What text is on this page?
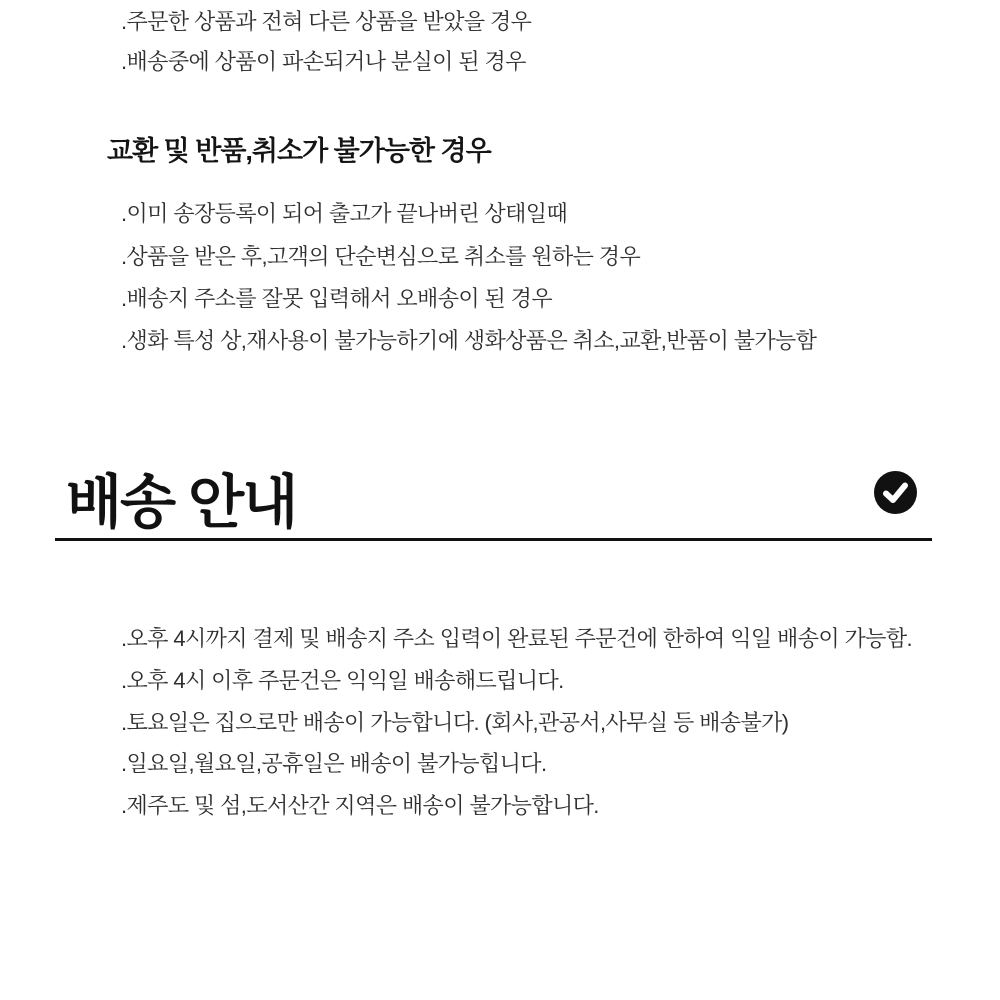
.주문한 상품과 전혀 다른 상품을 받았을 경우
.배송중에 상품이 파손되거나 분실이 된 경우
교환 및 반품,취소가 불가능한 경우
.이미 송장등록이 되어 출고가 끝나버린 상태일때
.상품을 받은 후,고객의 단순변심으로 취소를 원하는 경우
.배송지 주소를 잘못 입력해서 오배송이 된 경우
.생화 특성 상,재사용이 불가능하기에 생화상품은 취소,교환,반품이 불가능함
배송 안내
.오후 4시까지 결제 및 배송지 주소 입력이 완료된 주문건에 한하여 익일 배송이 가능함.
.오후 4시 이후 주문건은 익익일 배송해드립니다.
.토요일은 집으로만 배송이 가능합니다. (회사,관공서,사무실 등 배송불가)
.일요일,월요일,공휴일은 배송이 불가능힙니다.
.제주도 및 섬,도서산간 지역은 배송이 불가능합니다.
